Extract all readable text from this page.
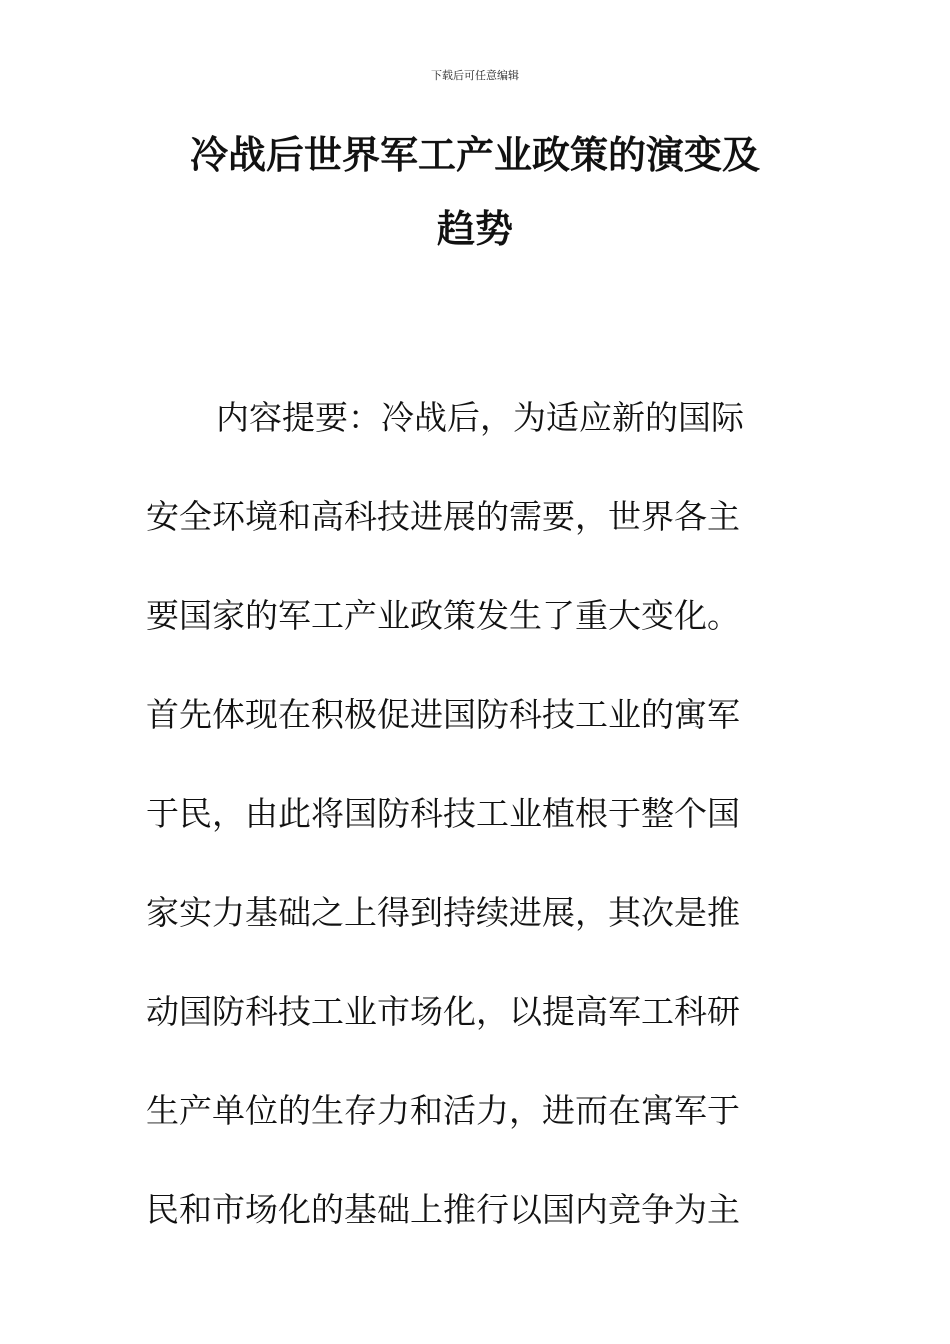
下载后可任意编辑
冷战后世界军工产业政策的演变及
趋势
内容提要：冷战后，为适应新的国际
安全环境和高科技进展的需要，世界各主
要国家的军工产业政策发生了重大变化。
首先体现在积极促进国防科技工业的寓军
于民，由此将国防科技工业植根于整个国
家实力基础之上得到持续进展，其次是推
动国防科技工业市场化，以提高军工科研
生产单位的生存力和活力，进而在寓军于
民和市场化的基础上推行以国内竞争为主
